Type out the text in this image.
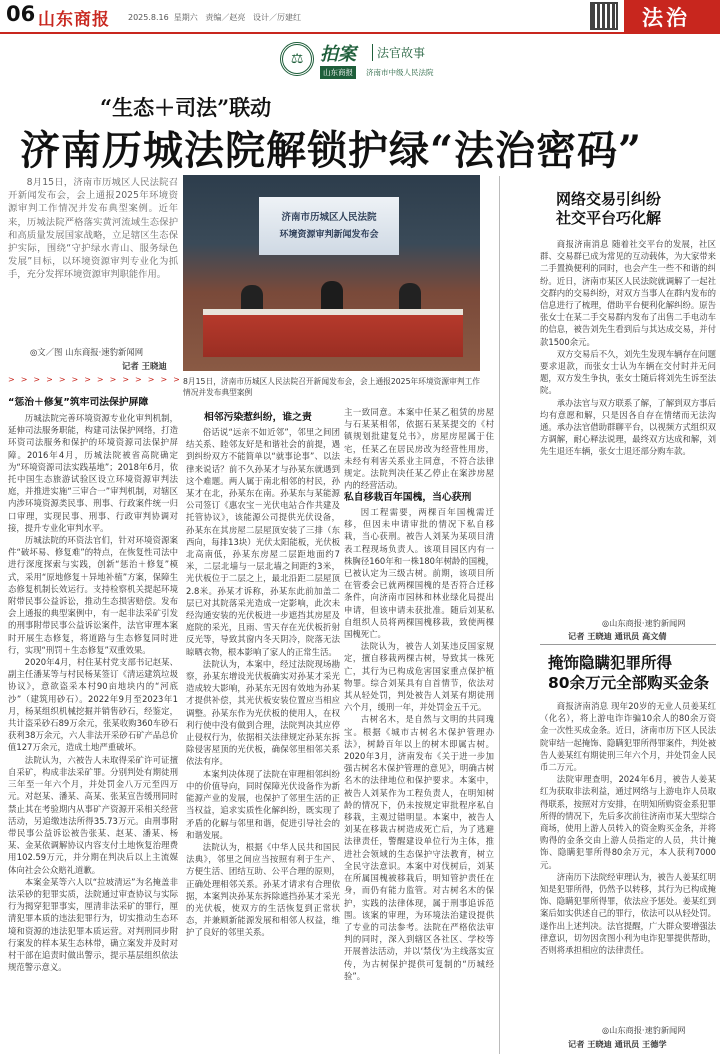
06 山东商报 2025.8.16  星期六   责编／赵亮   设计／厉建红	法治
⚖ 拍案	法官故事
山东商报	济南市中级人民法院
“生态＋司法”联动
济南历城法院解锁护绿“法治密码”

8月15日，济南市历城区人民法院召开新闻发布会，会上通报2025年环境资源审判工作情况并发布典型案例。近年来，历城法院严格落实黄河流域生态保护和高质量发展国家战略，立足辖区生态保护实际，围绕“守护绿水青山、服务绿色发展”目标，以环境资源审判专业化为抓手，充分发挥环境资源审判职能作用。

◎文／图 山东商报·速豹新闻网
记者 王晓迪
>>>>>>>>>>>>>>
济南市历城区人民法院
环境资源审判新闻发布会
8月15日，济南市历城区人民法院召开新闻发布会，会上通报2025年环境资源审判工作情况并发布典型案例
“惩治＋修复”筑牢司法保护屏障

历城法院完善环境资源专业化审判机制，延伸司法服务职能，构建司法保护网络，打造环资司法服务和保护的环境资源司法保护屏障。2016年4月，历城法院被省高院确定为“环境资源司法实践基地”；2018年6月，依托中国生态旅游试验区设立环境资源审判法庭，并推进实施“三审合一”审判机制，对辖区内涉环境资源类民事、刑事、行政案件统一归口审理，实现民事、刑事、行政审判协调对接，提升专业化审判水平。

历城法院的环资法官们，针对环境资源案件“破坏易、修复难”的特点，在恢复性司法中进行深度探索与实践，创新“惩治＋修复”模式，采用“原地修复＋异地补植”方案，保障生态修复机制长效运行。支持检察机关提起环境附带民事公益诉讼，推动生态损害赔偿。发布会上通报的典型案例中，有一起非法采矿引发的刑事附带民事公益诉讼案件，法官审理本案时开展生态修复，将道路与生态修复同时进行，实现“刑罚＋生态修复”双重效果。

2020年4月，村住某村党支部书记赵某、副主任潘某等与村民杨某签订《清运建筑垃圾协议》，意欲盗采本村90亩地块内的“河底沙”（建筑用砂石）。2022年9月至2023年1月，杨某组织机械挖掘并销售砂石，经鉴定，共计盗采砂石89万余元，张某收购360车砂石获利38万余元，六人非法开采砂石矿产品总价值127万余元，造成土地严重破坏。

法院认为，六被告人未取得采矿许可证擅自采矿，构成非法采矿罪。分别判处有期徒刑三年至一年六个月，并处罚金八万元至四万元。对赵某、潘某、高某、张某宣告缓刑同时禁止其在考验期内从事矿产资源开采相关经营活动，另追缴违法所得35.73万元。由刑事附带民事公益诉讼被告张某、赵某、潘某、杨某、金某依调解协议内容支付土地恢复治理费用102.59万元，并分期在判决后以上主流媒体向社会公众赔礼道歉。

本案金某等六人以“拉坡清运”为名掩盖非法采砂的犯罪实质，法院通过审查协议与实际行为揭穿犯罪事实，厘清非法采矿的罪行，厘清犯罪本质的违法犯罪行为，切实推动生态环境和资源的违法犯罪本质运营。对判刑同步附行案发的样本某生态林带，确立案发并及时对村干部在追责时做出警示，提示基层组织依法规范警示意义。

相邻污染惹纠纷，谁之责

俗话说“远亲不如近邻”，邻里之间团结关系、睦邻友好是和谐社会的前提，遇到纠纷双方不能简单以“就事论事”、以法律来说话？前不久孙某才与孙某东就遇到这个难题。两人属于南北相邻的村民，孙某才在北，孙某东在南。孙某东与某能源公司签订《惠农宝－光伏电站合作共建及托管协议》，该能源公司提供光伏设备，孙某东在其房屋二层屋顶安装了三排（东西向，每排13块）光伏太阳能板，光伏板北高南低，孙某东房屋二层距地面约7米，二层北墙与一层北墙之间距约3米，光伏板位于二层之上，最北沿距二层屋顶2.8米。孙某才诉称，孙某东此前加盖二层已对其院落采光造成一定影响，此次未经沟通安装的光伏板进一步遮挡其房屋及庭院的采光，且雨、雪天存在光伏板折射反光等，导致其窗内冬天阴冷，院落无法晾晒衣物，根本影响了家人的正常生活。

法院认为，本案中，经过法院现场勘察，孙某东增设光伏板确实对孙某才采光造成较大影响，孙某东无因有效地为孙某才提供补偿，其光伏板安装位置应当相应调整。孙某东作为光伏板的使用人，在权利行使中没有做到合理，法院判决其应停止侵权行为，依据相关法律规定孙某东拆除侵害屋顶的光伏板，确保邻里相邻关系依法有序。

本案判决体现了法院在审理相邻纠纷中的价值导向，同时保障光伏设备作为新能源产业的发展，也保护了邻里生活的正当权益，追求实质性化解纠纷，既实现了矛盾的化解与邻里和谐，促进引导社会的和谐发展。

法院认为，根据《中华人民共和国民法典》，邻里之间应当按照有利于生产、方便生活、团结互助、公平合理的原则，正确处理相邻关系。孙某才请求有合理依据，本案判决孙某东拆除遮挡孙某才采光的光伏板，使双方的生活恢复到正常状态，并兼顾新能源发展和相邻人权益，维护了良好的邻里关系。

主一致同意。本案中任某乙租赁的房屋与石某某相邻，依据石某某提交的《村镇规划批建复兑书》，房屋房屋属于住宅，任某乙在居民房改为经营性用房，未经有利害关系业主同意，不符合法律规定。法院判决任某乙停止在案涉房屋内的经营活动。

私自移栽百年国槐，当心获刑

因工程需要，两棵百年国槐需迁移，但因未申请审批的情况下私自移栽，当心获刑。被告人刘某为某项目清表工程现场负责人。该项目园区内有一株胸径160年和一株180年树龄的国槐，已被认定为三级古树。前期，该项目所在管委会已就两棵国槐的是否符合迁移条件，向济南市园林和林业绿化局提出申请，但该申请未获批准。随后刘某私自组织人员将两棵国槐移栽，致使两棵国槐死亡。

法院认为，被告人刘某违反国家规定，擅自移栽两棵古树，导致其一株死亡，其行为已构成危害国家重点保护植物罪。综合刘某具有自首情节，依法对其从轻处罚，判处被告人刘某有期徒刑六个月，缓刑一年，并处罚金五千元。

古树名木，是自然与文明的共同瑰宝。根据《城市古树名木保护管理办法》，树龄百年以上的树木即属古树。2020年3月，济南发布《关于进一步加强古树名木保护管理的意见》，明确古树名木的法律地位和保护要求。本案中，被告人刘某作为工程负责人，在明知树龄的情况下，仍未按规定审批程序私自移栽，主观过错明显。本案中，被告人刘某在移栽古树造成死亡后，为了逃避法律责任，警醒建设单位行为主体，推进社会领域的生态保护守法教育，树立全民守法意识。本案中对伐树后，刘某在所属国槐被移栽后，明知管护责任在身，而仍有能力监管。对古树名木的保护，实践的法律体现，属于刑事追诉范围。该案的审理，为环境法治建设提供了专业的司法参考。法院在严格依法审判的同时，深入到辖区各社区、学校等开展普法活动，并以‘禁伐’为主线落实宣传，为古树保护提供可复制的“历城经验”。

网络交易引纠纷
社交平台巧化解

商报济南消息 随着社交平台的发展，社区群、交易群已成为常见的互动载体，为大家带来二手置换便利的同时，也会产生一些不和谐的纠纷。近日，济南市某区人民法院就调解了一起社交群内的交易纠纷，对双方当事人在群内发布的信息进行了梳理，借助平台便利化解纠纷。原告张女士在某二手交易群内发布了出售二手电动车的信息，被告刘先生看到后与其达成交易，并付款1500余元。

双方交易后不久，刘先生发现车辆存在问题要求退款，而张女士认为车辆在交付时并无问题，双方发生争执，张女士随后将刘先生诉至法院。

承办法官与双方联系了解，了解到双方事后均有意愿和解，只是因各自存在情绪而无法沟通。承办法官借助群聊平台，以视频方式组织双方调解，耐心释法说理，最终双方达成和解，刘先生退还车辆，张女士退还部分购车款。

◎山东商报·速豹新闻网
记者 王晓迪 通讯员 高文倩
掩饰隐瞒犯罪所得
80余万元全部购买金条

商报济南消息 现年20岁的无业人员姜某红（化名），将上游电诈诈骗10余人的80余万资金一次性买成金条。近日，济南市历下区人民法院审结一起掩饰、隐瞒犯罪所得罪案件，判处被告人姜某红有期徒刑三年六个月，并处罚金人民币二万元。

法院审理查明，2024年6月，被告人姜某红为获取非法利益，通过网络与上游电诈人员取得联系，按照对方安排，在明知所购资金系犯罪所得的情况下，先后多次前往济南市某大型综合商场，使用上游人员转入的资金购买金条，并将购得的金条交由上游人员指定的人员，共计掩饰、隐瞒犯罪所得80余万元，本人获利7000元。

济南历下法院经审理认为，被告人姜某红明知是犯罪所得，仍然予以转移，其行为已构成掩饰、隐瞒犯罪所得罪，依法应予惩处。姜某红到案后如实供述自己的罪行，依法可以从轻处罚。遂作出上述判决。法官提醒，广大群众要增强法律意识，切勿因贪图小利为电诈犯罪提供帮助，否则将承担相应的法律责任。

◎山东商报·速豹新闻网
记者 王晓迪 通讯员 王德学
